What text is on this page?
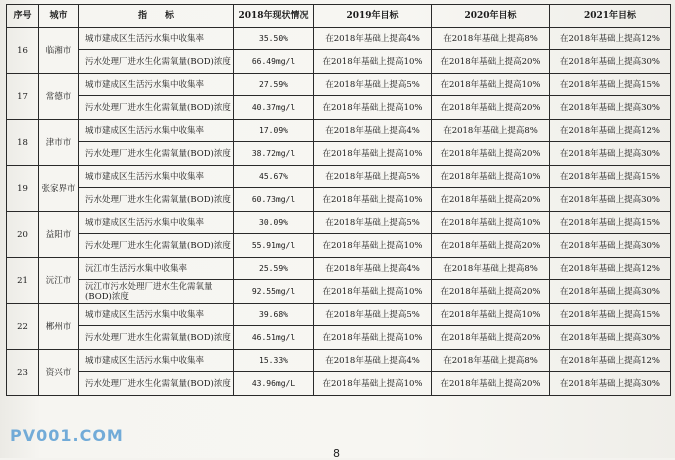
序号	城市	指　　标	2018年现状情况	2019年目标	2020年目标	2021年目标
16	临湘市	城市建成区生活污水集中收集率	35.50%	在2018年基础上提高4%	在2018年基础上提高8%	在2018年基础上提高12%
		污水处理厂进水生化需氧量(BOD)浓度	66.49mg/l	在2018年基础上提高10%	在2018年基础上提高20%	在2018年基础上提高30%
17	常德市	城市建成区生活污水集中收集率	27.59%	在2018年基础上提高5%	在2018年基础上提高10%	在2018年基础上提高15%
		污水处理厂进水生化需氧量(BOD)浓度	40.37mg/l	在2018年基础上提高10%	在2018年基础上提高20%	在2018年基础上提高30%
18	津市市	城市建成区生活污水集中收集率	17.09%	在2018年基础上提高4%	在2018年基础上提高8%	在2018年基础上提高12%
		污水处理厂进水生化需氧量(BOD)浓度	38.72mg/l	在2018年基础上提高10%	在2018年基础上提高20%	在2018年基础上提高30%
19	张家界市	城市建成区生活污水集中收集率	45.67%	在2018年基础上提高5%	在2018年基础上提高10%	在2018年基础上提高15%
		污水处理厂进水生化需氧量(BOD)浓度	60.73mg/l	在2018年基础上提高10%	在2018年基础上提高20%	在2018年基础上提高30%
20	益阳市	城市建成区生活污水集中收集率	30.09%	在2018年基础上提高5%	在2018年基础上提高10%	在2018年基础上提高15%
		污水处理厂进水生化需氧量(BOD)浓度	55.91mg/l	在2018年基础上提高10%	在2018年基础上提高20%	在2018年基础上提高30%
21	沅江市	沅江市生活污水集中收集率	25.59%	在2018年基础上提高4%	在2018年基础上提高8%	在2018年基础上提高12%
		沅江市污水处理厂进水生化需氧量(BOD)浓度	92.55mg/l	在2018年基础上提高10%	在2018年基础上提高20%	在2018年基础上提高30%
22	郴州市	城市建成区生活污水集中收集率	39.68%	在2018年基础上提高5%	在2018年基础上提高10%	在2018年基础上提高15%
		污水处理厂进水生化需氧量(BOD)浓度	46.51mg/l	在2018年基础上提高10%	在2018年基础上提高20%	在2018年基础上提高30%
23	资兴市	城市建成区生活污水集中收集率	15.33%	在2018年基础上提高4%	在2018年基础上提高8%	在2018年基础上提高12%
		污水处理厂进水生化需氧量(BOD)浓度	43.96mg/L	在2018年基础上提高10%	在2018年基础上提高20%	在2018年基础上提高30%
PV001.COM
8
